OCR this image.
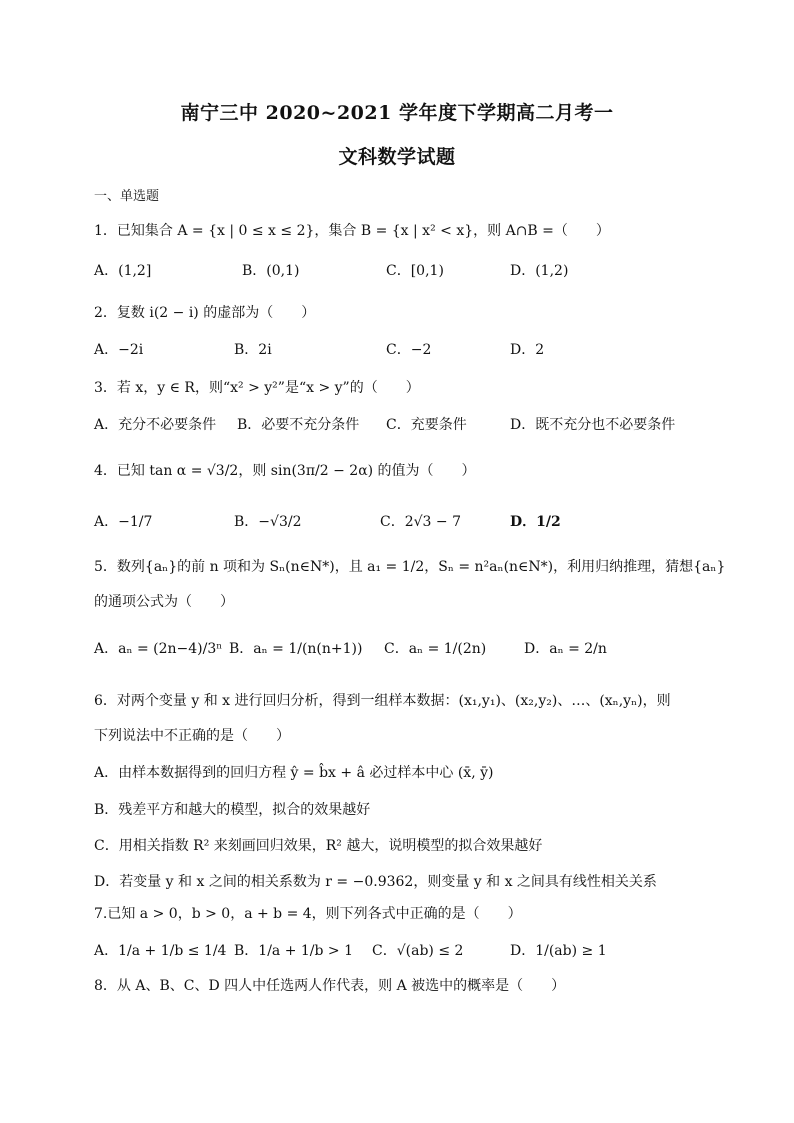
南宁三中 2020~2021 学年度下学期高二月考一
文科数学试题
一、单选题
1．已知集合 A = {x | 0 ≤ x ≤ 2}，集合 B = {x | x² < x}，则 A∩B =（　　）
A．(1,2]	B．(0,1)	C．[0,1)	D．(1,2)
2．复数 i(2 − i) 的虚部为（　　）
A．−2i	B．2i	C．−2	D．2
3．若 x，y ∈ R，则“x² > y²”是“x > y”的（　　）
A．充分不必要条件 B．必要不充分条件 C．充要条件	D．既不充分也不必要条件
4．已知 tan α = √3/2，则 sin(3π/2 − 2α) 的值为（　　）
A．−1/7	B．−√3/2	C．2√3 − 7	D．1/2
5．数列{aₙ}的前 n 项和为 Sₙ(n∈N*)，且 a₁ = 1/2，Sₙ = n²aₙ(n∈N*)，利用归纳推理，猜想{aₙ}
的通项公式为（　　）
A．aₙ = (2n−4)/3ⁿ B．aₙ = 1/(n(n+1)) C．aₙ = 1/(2n)	D．aₙ = 2/n
6．对两个变量 y 和 x 进行回归分析，得到一组样本数据：(x₁,y₁)、(x₂,y₂)、…、(xₙ,yₙ)，则
下列说法中不正确的是（　　）
A．由样本数据得到的回归方程 ŷ = b̂x + â 必过样本中心 (x̄, ȳ)
B．残差平方和越大的模型，拟合的效果越好
C．用相关指数 R² 来刻画回归效果，R² 越大，说明模型的拟合效果越好
D．若变量 y 和 x 之间的相关系数为 r = −0.9362，则变量 y 和 x 之间具有线性相关关系
7.已知 a > 0，b > 0，a + b = 4，则下列各式中正确的是（　　）
A．1/a + 1/b ≤ 1/4 B．1/a + 1/b > 1 C．√(ab) ≤ 2	D．1/(ab) ≥ 1
8．从 A、B、C、D 四人中任选两人作代表，则 A 被选中的概率是（　　）
